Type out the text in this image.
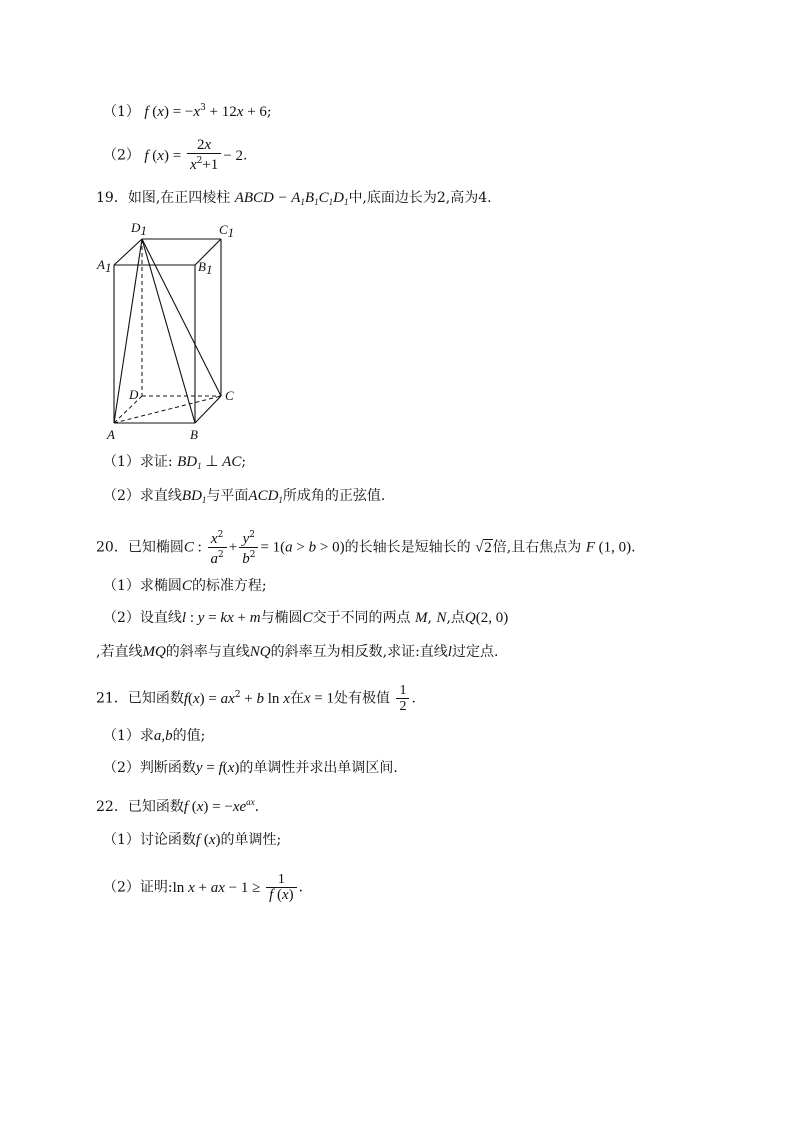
（1） f $(x) = -x^3 + 12x + 6$;
（2） f $(x) = \frac{2x}{x^2+1} - 2$.
19．如图,在正四棱柱 ABCD − $A_1B_1C_1D_1$中,底面边长为2,高为4.
D1	C1
A1	B1
D	C
A	B
（1）求证: $BD_1$ ⊥ AC;
（2）求直线$BD_1$与平面$ACD_1$所成角的正弦值.
20．已知椭圆C : $\frac{x^2}{a^2} + \frac{y^2}{b^2} = 1(a > b > 0)$的长轴长是短轴长的 √2倍,且右焦点为 F (1, 0).
（1）求椭圆C的标准方程;
（2）设直线l : y = kx + m与椭圆C交于不同的两点 M, N,点Q(2, 0)
,若直线MQ的斜率与直线NQ的斜率互为相反数,求证:直线l过定点.
21．已知函数$f(x) = ax^2 + b$ ln x在x = 1处有极值 $\frac{1}{2}$ .
（1）求a,b的值;
（2）判断函数y = f(x)的单调性并求出单调区间.
22．已知函数f $(x) = -xe^{ax}$.
（1）讨论函数f (x)的单调性;
（2）证明:ln x + ax − $1 \ge \frac{1}{f (x)}$ .
